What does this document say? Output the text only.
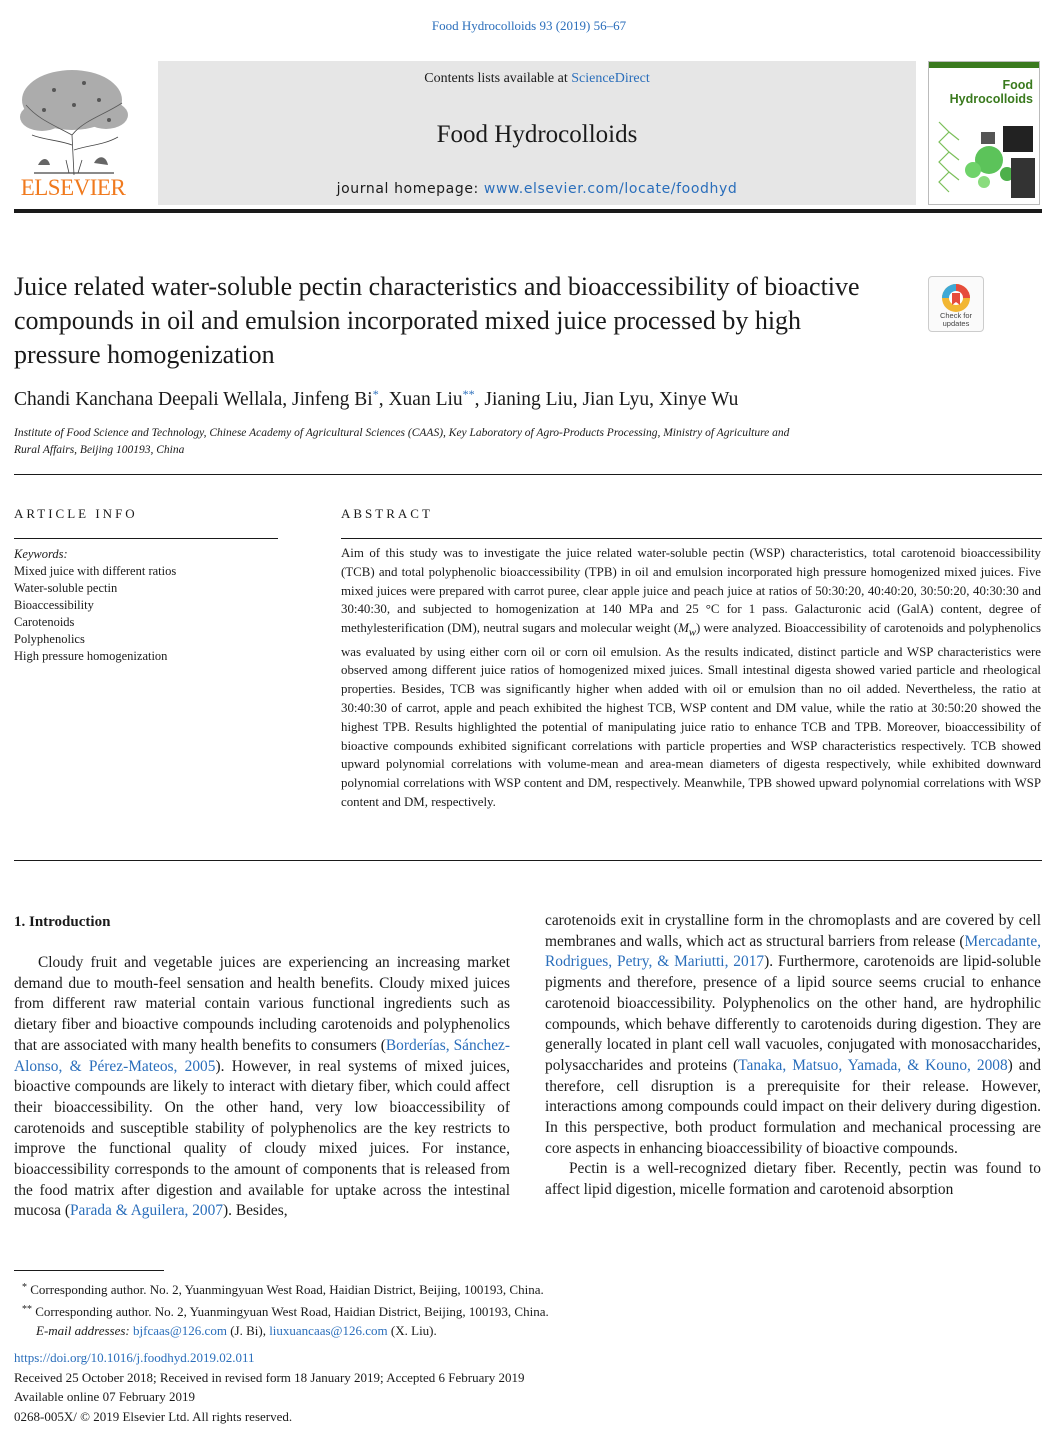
Food Hydrocolloids 93 (2019) 56–67
ELSEVIER
Contents lists available at ScienceDirect
Food Hydrocolloids
journal homepage: www.elsevier.com/locate/foodhyd
Food
Hydrocolloids
Juice related water-soluble pectin characteristics and bioaccessibility of bioactive compounds in oil and emulsion incorporated mixed juice processed by high pressure homogenization
Check for updates
Chandi Kanchana Deepali Wellala, Jinfeng Bi*, Xuan Liu**, Jianing Liu, Jian Lyu, Xinye Wu
Institute of Food Science and Technology, Chinese Academy of Agricultural Sciences (CAAS), Key Laboratory of Agro-Products Processing, Ministry of Agriculture and
Rural Affairs, Beijing 100193, China
ARTICLE INFO	ABSTRACT
Keywords:
Mixed juice with different ratios
Water-soluble pectin
Bioaccessibility
Carotenoids
Polyphenolics
High pressure homogenization
Aim of this study was to investigate the juice related water-soluble pectin (WSP) characteristics, total carotenoid bioaccessibility (TCB) and total polyphenolic bioaccessibility (TPB) in oil and emulsion incorporated high pressure homogenized mixed juices. Five mixed juices were prepared with carrot puree, clear apple juice and peach juice at ratios of 50:30:20, 40:40:20, 30:50:20, 40:30:30 and 30:40:30, and subjected to homogenization at 140 MPa and 25 °C for 1 pass. Galacturonic acid (GalA) content, degree of methylesterification (DM), neutral sugars and molecular weight $(M_w)$ were analyzed. Bioaccessibility of carotenoids and polyphenolics was evaluated by using either corn oil or corn oil emulsion. As the results indicated, distinct particle and WSP characteristics were observed among different juice ratios of homogenized mixed juices. Small intestinal digesta showed varied particle and rheological properties. Besides, TCB was significantly higher when added with oil or emulsion than no oil added. Nevertheless, the ratio at 30:40:30 of carrot, apple and peach exhibited the highest TCB, WSP content and DM value, while the ratio at 30:50:20 showed the highest TPB. Results highlighted the potential of manipulating juice ratio to enhance TCB and TPB. Moreover, bioaccessibility of bioactive compounds exhibited significant correlations with particle properties and WSP characteristics respectively. TCB showed upward polynomial correlations with volume-mean and area-mean diameters of digesta respectively, while exhibited downward polynomial correlations with WSP content and DM, respectively. Meanwhile, TPB showed upward polynomial correlations with WSP content and DM, respectively.
1. Introduction

Cloudy fruit and vegetable juices are experiencing an increasing market demand due to mouth-feel sensation and health benefits. Cloudy mixed juices from different raw material contain various functional ingredients such as dietary fiber and bioactive compounds including carotenoids and polyphenolics that are associated with many health benefits to consumers (Borderías, Sánchez-Alonso, & Pérez-Mateos, 2005). However, in real systems of mixed juices, bioactive compounds are likely to interact with dietary fiber, which could affect their bioaccessibility. On the other hand, very low bioaccessibility of carotenoids and susceptible stability of polyphenolics are the key restricts to improve the functional quality of cloudy mixed juices. For instance, bioaccessibility corresponds to the amount of components that is released from the food matrix after digestion and available for uptake across the intestinal mucosa (Parada & Aguilera, 2007). Besides,

carotenoids exit in crystalline form in the chromoplasts and are covered by cell membranes and walls, which act as structural barriers from release (Mercadante, Rodrigues, Petry, & Mariutti, 2017). Furthermore, carotenoids are lipid-soluble pigments and therefore, presence of a lipid source seems crucial to enhance carotenoid bioaccessibility. Polyphenolics on the other hand, are hydrophilic compounds, which behave differently to carotenoids during digestion. They are generally located in plant cell wall vacuoles, conjugated with monosaccharides, polysaccharides and proteins (Tanaka, Matsuo, Yamada, & Kouno, 2008) and therefore, cell disruption is a prerequisite for their release. However, interactions among compounds could impact on their delivery during digestion. In this perspective, both product formulation and mechanical processing are core aspects in enhancing bioaccessibility of bioactive compounds.

Pectin is a well-recognized dietary fiber. Recently, pectin was found to affect lipid digestion, micelle formation and carotenoid absorption

* Corresponding author. No. 2, Yuanmingyuan West Road, Haidian District, Beijing, 100193, China.
** Corresponding author. No. 2, Yuanmingyuan West Road, Haidian District, Beijing, 100193, China.
E-mail addresses: bjfcaas@126.com (J. Bi), liuxuancaas@126.com (X. Liu).
https://doi.org/10.1016/j.foodhyd.2019.02.011
Received 25 October 2018; Received in revised form 18 January 2019; Accepted 6 February 2019
Available online 07 February 2019
0268-005X/ © 2019 Elsevier Ltd. All rights reserved.
